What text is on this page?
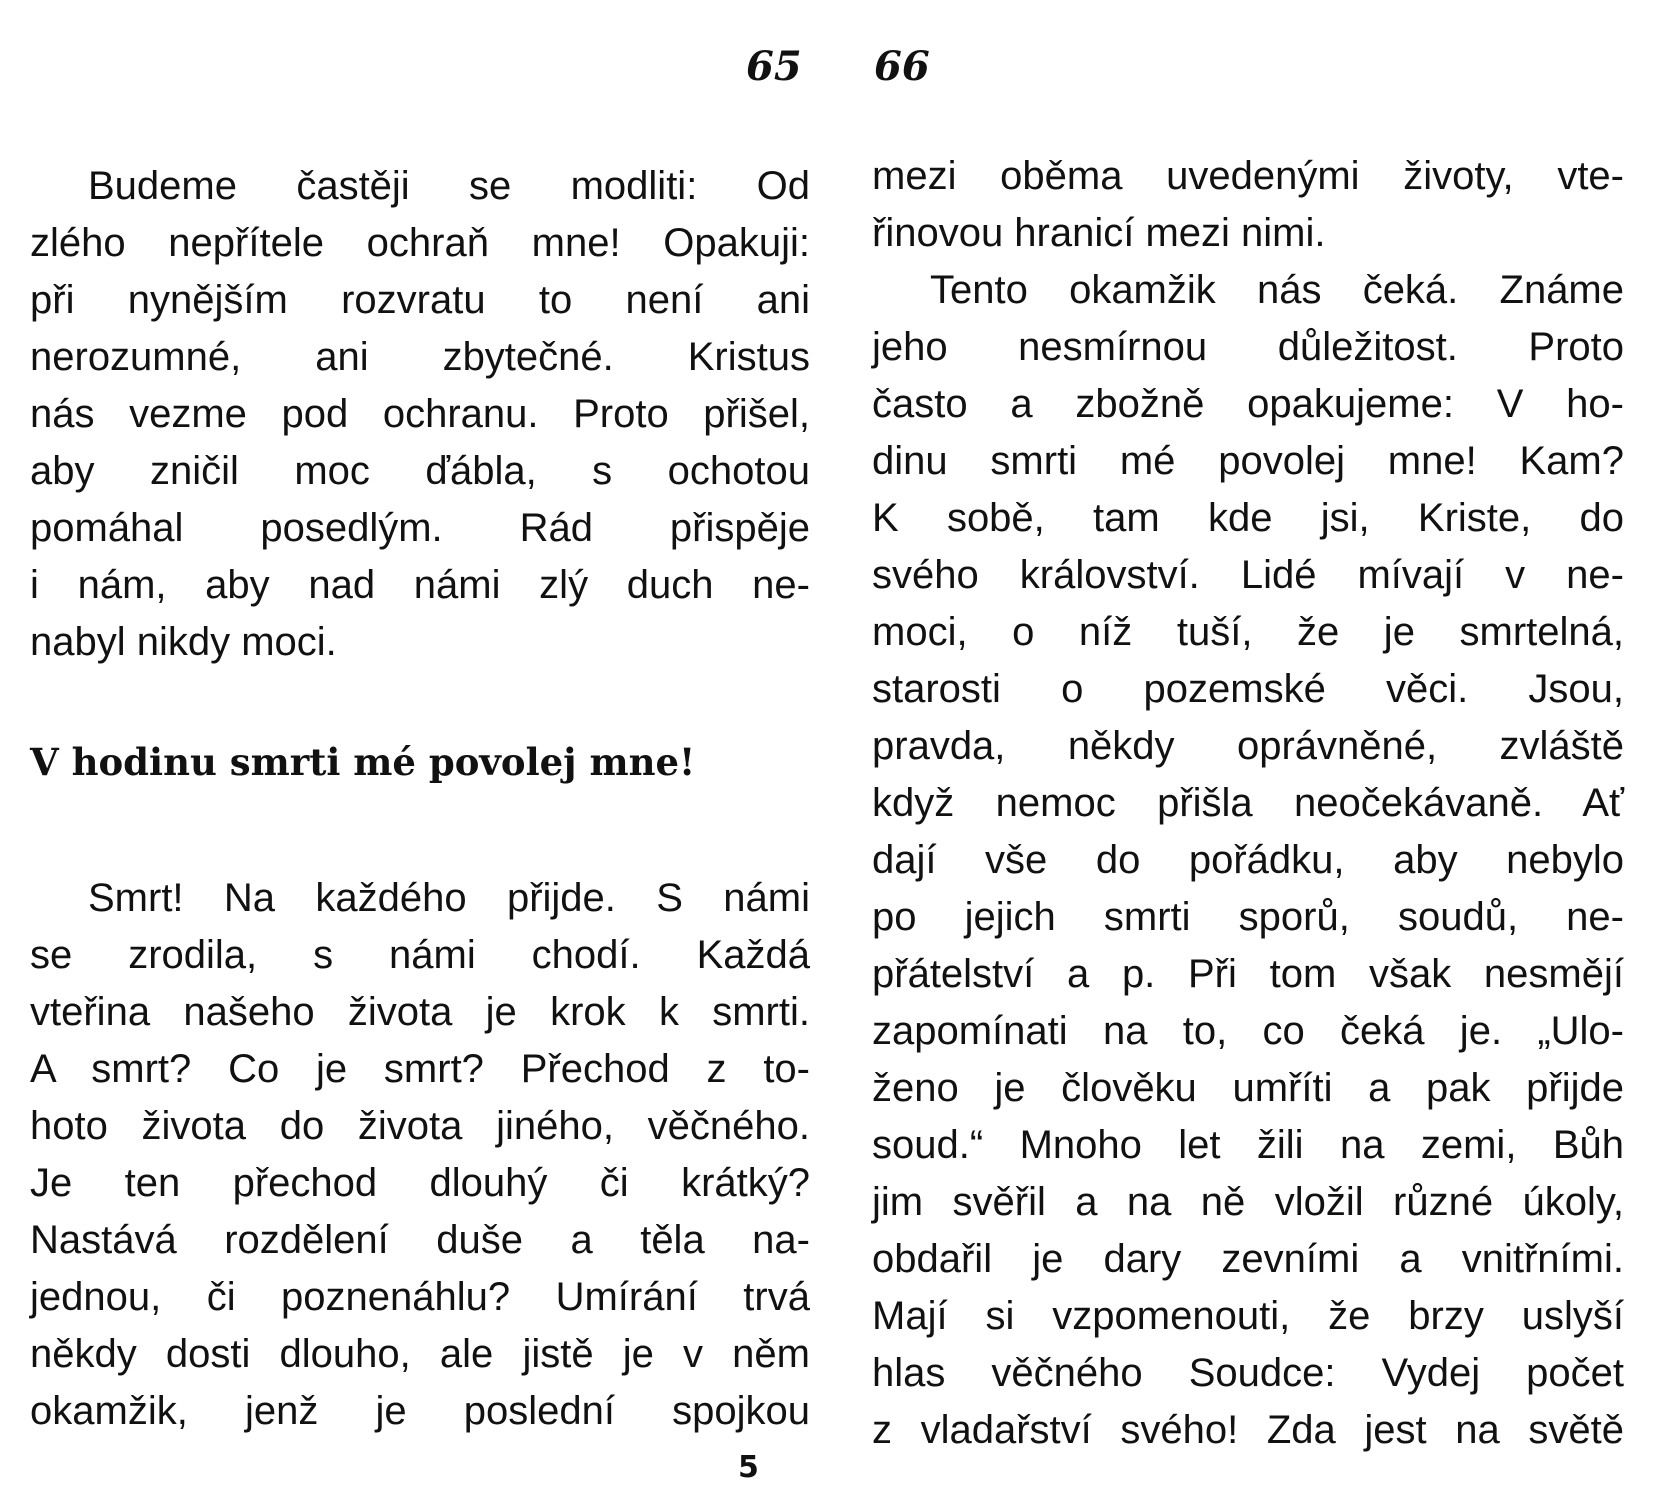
65 66
Budeme častěji se modliti: Od
zlého nepřítele ochraň mne! Opakuji:
při nynějším rozvratu to není ani
nerozumné, ani zbytečné. Kristus
nás vezme pod ochranu. Proto přišel,
aby zničil moc ďábla, s ochotou
pomáhal posedlým. Rád přispěje
i nám, aby nad námi zlý duch ne-
nabyl nikdy moci.
V hodinu smrti mé povolej mne!
Smrt! Na každého přijde. S námi
se zrodila, s námi chodí. Každá
vteřina našeho života je krok k smrti.
A smrt? Co je smrt? Přechod z to-
hoto života do života jiného, věčného.
Je ten přechod dlouhý či krátký?
Nastává rozdělení duše a těla na-
jednou, či poznenáhlu? Umírání trvá
někdy dosti dlouho, ale jistě je v něm
okamžik, jenž je poslední spojkou
mezi oběma uvedenými životy, vte-
řinovou hranicí mezi nimi.
Tento okamžik nás čeká. Známe
jeho nesmírnou důležitost. Proto
často a zbožně opakujeme: V ho-
dinu smrti mé povolej mne! Kam?
K sobě, tam kde jsi, Kriste, do
svého království. Lidé mívají v ne-
moci, o níž tuší, že je smrtelná,
starosti o pozemské věci. Jsou,
pravda, někdy oprávněné, zvláště
když nemoc přišla neočekávaně. Ať
dají vše do pořádku, aby nebylo
po jejich smrti sporů, soudů, ne-
přátelství a p. Při tom však nesmějí
zapomínati na to, co čeká je. „Ulo-
ženo je člověku umříti a pak přijde
soud.“ Mnoho let žili na zemi, Bůh
jim svěřil a na ně vložil různé úkoly,
obdařil je dary zevními a vnitřními.
Mají si vzpomenouti, že brzy uslyší
hlas věčného Soudce: Vydej počet
z vladařství svého! Zda jest na světě
5
